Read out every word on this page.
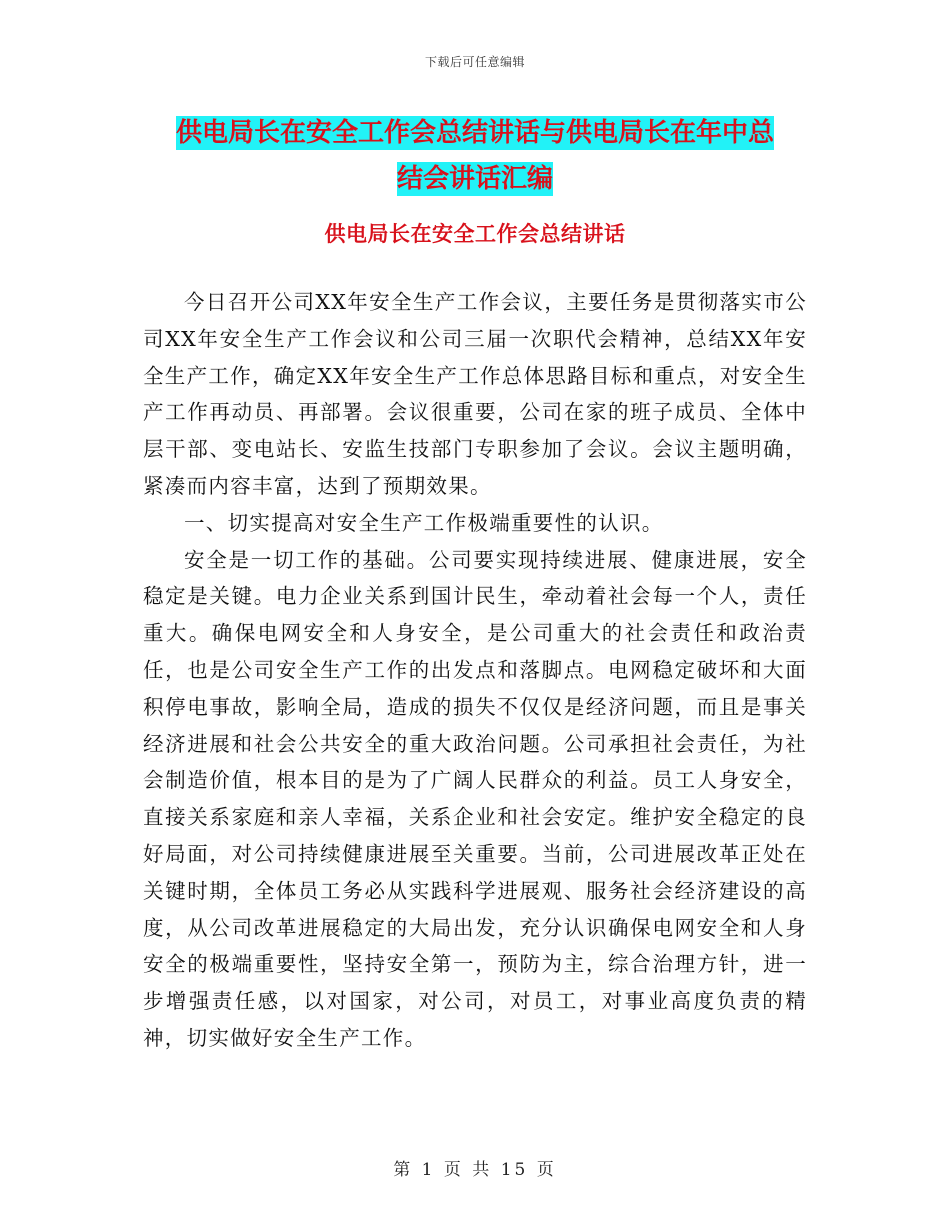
下载后可任意编辑
供电局长在安全工作会总结讲话与供电局长在年中总
结会讲话汇编
供电局长在安全工作会总结讲话

今日召开公司XX年安全生产工作会议，主要任务是贯彻落实市公司XX年安全生产工作会议和公司三届一次职代会精神，总结XX年安全生产工作，确定XX年安全生产工作总体思路目标和重点，对安全生产工作再动员、再部署。会议很重要，公司在家的班子成员、全体中层干部、变电站长、安监生技部门专职参加了会议。会议主题明确，紧凑而内容丰富，达到了预期效果。

一、切实提高对安全生产工作极端重要性的认识。

安全是一切工作的基础。公司要实现持续进展、健康进展，安全稳定是关键。电力企业关系到国计民生，牵动着社会每一个人，责任重大。确保电网安全和人身安全，是公司重大的社会责任和政治责任，也是公司安全生产工作的出发点和落脚点。电网稳定破坏和大面积停电事故，影响全局，造成的损失不仅仅是经济问题，而且是事关经济进展和社会公共安全的重大政治问题。公司承担社会责任，为社会制造价值，根本目的是为了广阔人民群众的利益。员工人身安全，直接关系家庭和亲人幸福，关系企业和社会安定。维护安全稳定的良好局面，对公司持续健康进展至关重要。当前，公司进展改革正处在关键时期，全体员工务必从实践科学进展观、服务社会经济建设的高度，从公司改革进展稳定的大局出发，充分认识确保电网安全和人身安全的极端重要性，坚持安全第一，预防为主，综合治理方针，进一步增强责任感，以对国家，对公司，对员工，对事业高度负责的精神，切实做好安全生产工作。

第 1 页 共 15 页
